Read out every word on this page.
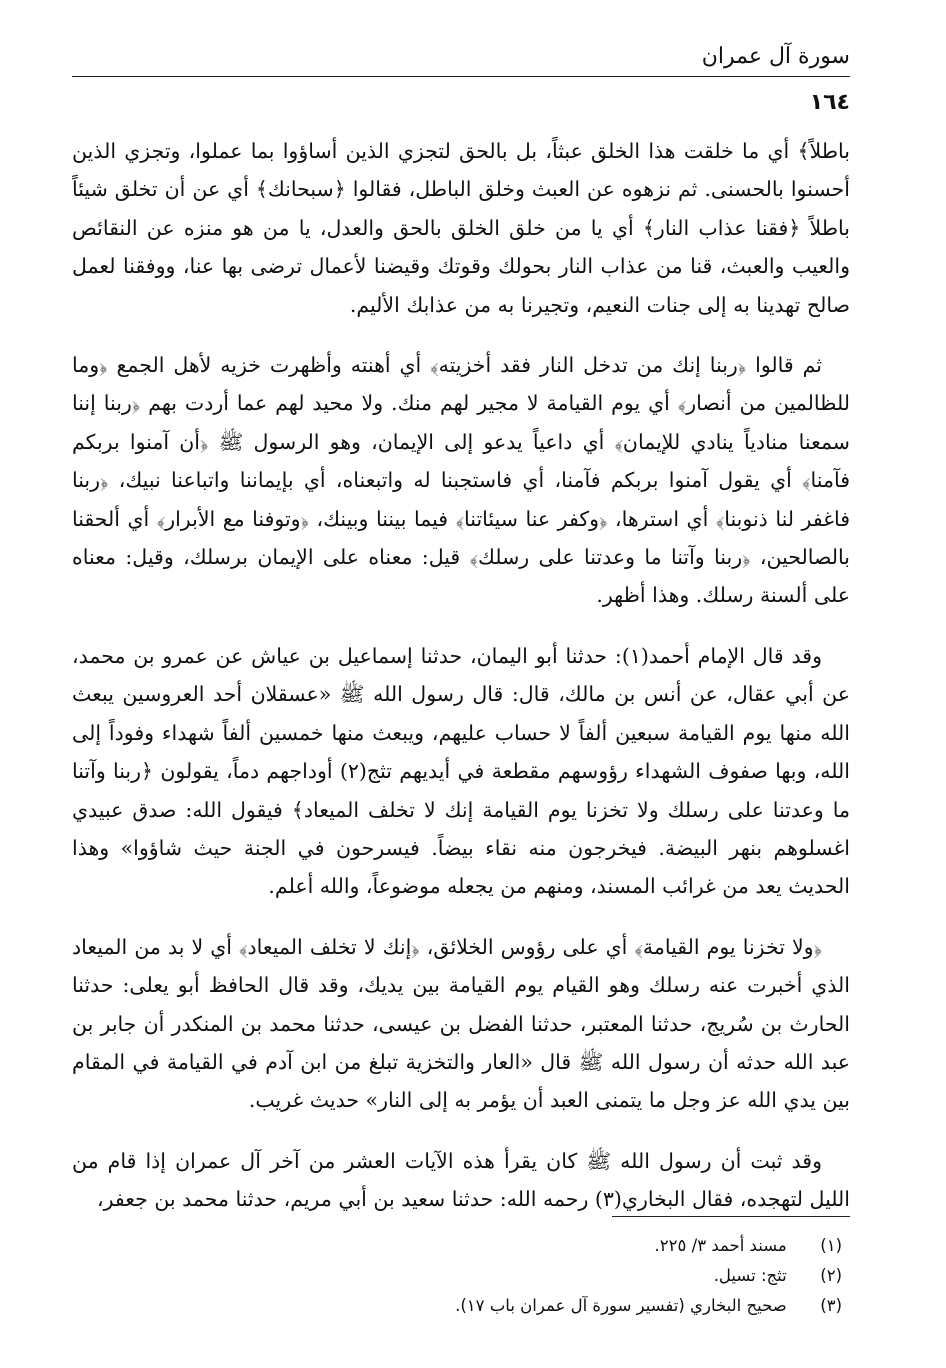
سورة آل عمران
١٦٤

باطلاً﴾ أي ما خلقت هذا الخلق عبثاً، بل بالحق لتجزي الذين أساؤوا بما عملوا، وتجزي الذين أحسنوا بالحسنى. ثم نزهوه عن العبث وخلق الباطل، فقالوا ﴿سبحانك﴾ أي عن أن تخلق شيئاً باطلاً ﴿فقنا عذاب النار﴾ أي يا من خلق الخلق بالحق والعدل، يا من هو منزه عن النقائص والعيب والعبث، قنا من عذاب النار بحولك وقوتك وقيضنا لأعمال ترضى بها عنا، ووفقنا لعمل صالح تهدينا به إلى جنات النعيم، وتجيرنا به من عذابك الأليم.

ثم قالوا ﴿ربنا إنك من تدخل النار فقد أخزيته﴾ أي أهنته وأظهرت خزيه لأهل الجمع ﴿وما للظالمين من أنصار﴾ أي يوم القيامة لا مجير لهم منك. ولا محيد لهم عما أردت بهم ﴿ربنا إننا سمعنا منادياً ينادي للإيمان﴾ أي داعياً يدعو إلى الإيمان، وهو الرسول ﷺ ﴿أن آمنوا بربكم فآمنا﴾ أي يقول آمنوا بربكم فآمنا، أي فاستجبنا له واتبعناه، أي بإيماننا واتباعنا نبيك، ﴿ربنا فاغفر لنا ذنوبنا﴾ أي استرها، ﴿وكفر عنا سيئاتنا﴾ فيما بيننا وبينك، ﴿وتوفنا مع الأبرار﴾ أي ألحقنا بالصالحين، ﴿ربنا وآتنا ما وعدتنا على رسلك﴾ قيل: معناه على الإيمان برسلك، وقيل: معناه على ألسنة رسلك. وهذا أظهر.

وقد قال الإمام أحمد(١): حدثنا أبو اليمان، حدثنا إسماعيل بن عياش عن عمرو بن محمد، عن أبي عقال، عن أنس بن مالك، قال: قال رسول الله ﷺ «عسقلان أحد العروسين يبعث الله منها يوم القيامة سبعين ألفاً لا حساب عليهم، ويبعث منها خمسين ألفاً شهداء وفوداً إلى الله، وبها صفوف الشهداء رؤوسهم مقطعة في أيديهم تثج(٢) أوداجهم دماً، يقولون ﴿ربنا وآتنا ما وعدتنا على رسلك ولا تخزنا يوم القيامة إنك لا تخلف الميعاد﴾ فيقول الله: صدق عبيدي اغسلوهم بنهر البيضة. فيخرجون منه نقاء بيضاً. فيسرحون في الجنة حيث شاؤوا» وهذا الحديث يعد من غرائب المسند، ومنهم من يجعله موضوعاً، والله أعلم.

﴿ولا تخزنا يوم القيامة﴾ أي على رؤوس الخلائق، ﴿إنك لا تخلف الميعاد﴾ أي لا بد من الميعاد الذي أخبرت عنه رسلك وهو القيام يوم القيامة بين يديك، وقد قال الحافظ أبو يعلى: حدثنا الحارث بن سُريج، حدثنا المعتبر، حدثنا الفضل بن عيسى، حدثنا محمد بن المنكدر أن جابر بن عبد الله حدثه أن رسول الله ﷺ قال «العار والتخزية تبلغ من ابن آدم في القيامة في المقام بين يدي الله عز وجل ما يتمنى العبد أن يؤمر به إلى النار» حديث غريب.

وقد ثبت أن رسول الله ﷺ كان يقرأ هذه الآيات العشر من آخر آل عمران إذا قام من الليل لتهجده، فقال البخاري(٣) رحمه الله: حدثنا سعيد بن أبي مريم، حدثنا محمد بن جعفر،

(١) مسند أحمد ٣/ ٢٢٥.
(٢) تثج: تسيل.
(٣) صحيح البخاري (تفسير سورة آل عمران باب ١٧).
